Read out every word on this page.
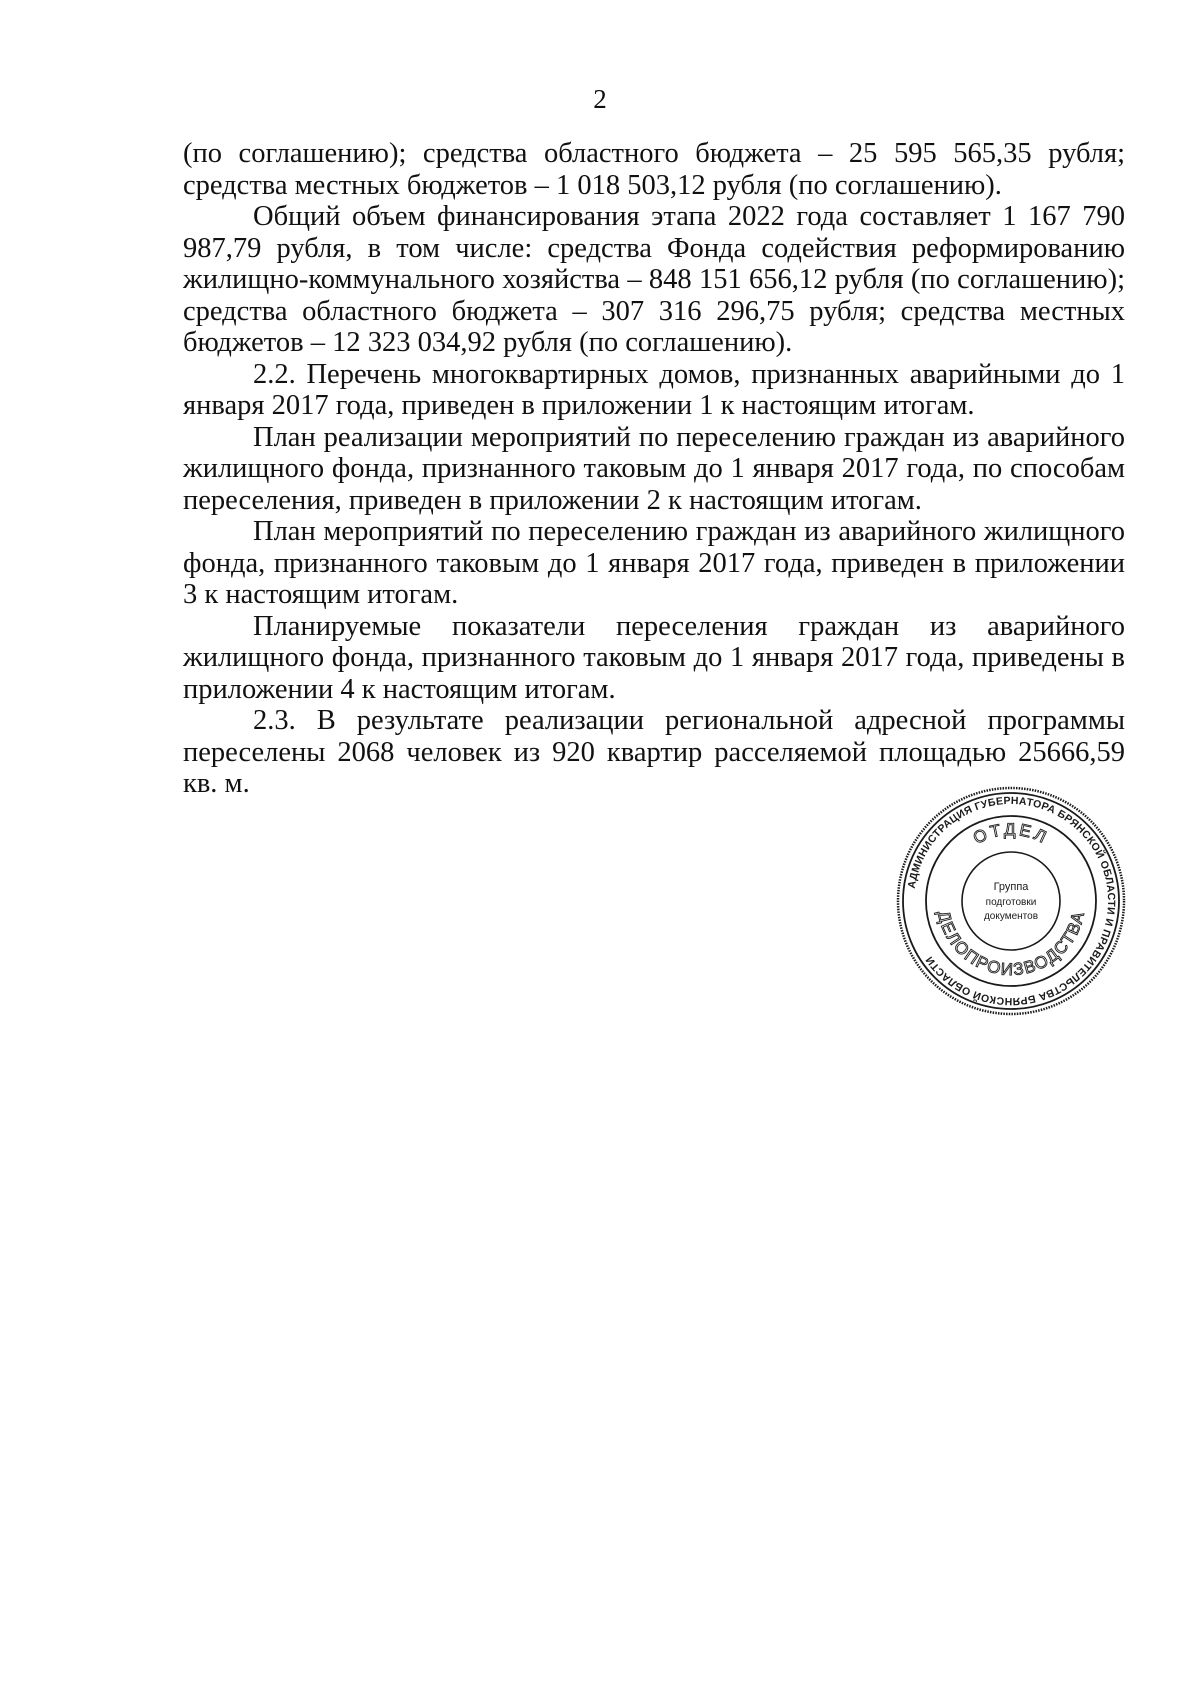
2

(по соглашению); средства областного бюджета – 25 595 565,35 рубля; средства местных бюджетов – 1 018 503,12 рубля (по соглашению).

Общий объем финансирования этапа 2022 года составляет 1 167 790 987,79 рубля, в том числе: средства Фонда содействия реформированию жилищно-коммунального хозяйства – 848 151 656,12 рубля (по соглашению); средства областного бюджета – 307 316 296,75 рубля; средства местных бюджетов – 12 323 034,92 рубля (по соглашению).

2.2. Перечень многоквартирных домов, признанных аварийными до 1 января 2017 года, приведен в приложении 1 к настоящим итогам.

План реализации мероприятий по переселению граждан из аварийного жилищного фонда, признанного таковым до 1 января 2017 года, по способам переселения, приведен в приложении 2 к настоящим итогам.

План мероприятий по переселению граждан из аварийного жилищного фонда, признанного таковым до 1 января 2017 года, приведен в приложении 3 к настоящим итогам.

Планируемые показатели переселения граждан из аварийного жилищного фонда, признанного таковым до 1 января 2017 года, приведены в приложении 4 к настоящим итогам.

2.3. В результате реализации региональной адресной программы переселены 2068 человек из 920 квартир расселяемой площадью 25666,59 кв. м.

АДМИНИСТРАЦИЯ ГУБЕРНАТОРА БРЯНСКОЙ ОБЛАСТИ И ПРАВИТЕЛЬСТВА БРЯНСКОЙ ОБЛАСТИ
ОТДЕЛ
ДЕЛОПРОИЗВОДСТВА
Группа
подготовки
документов
